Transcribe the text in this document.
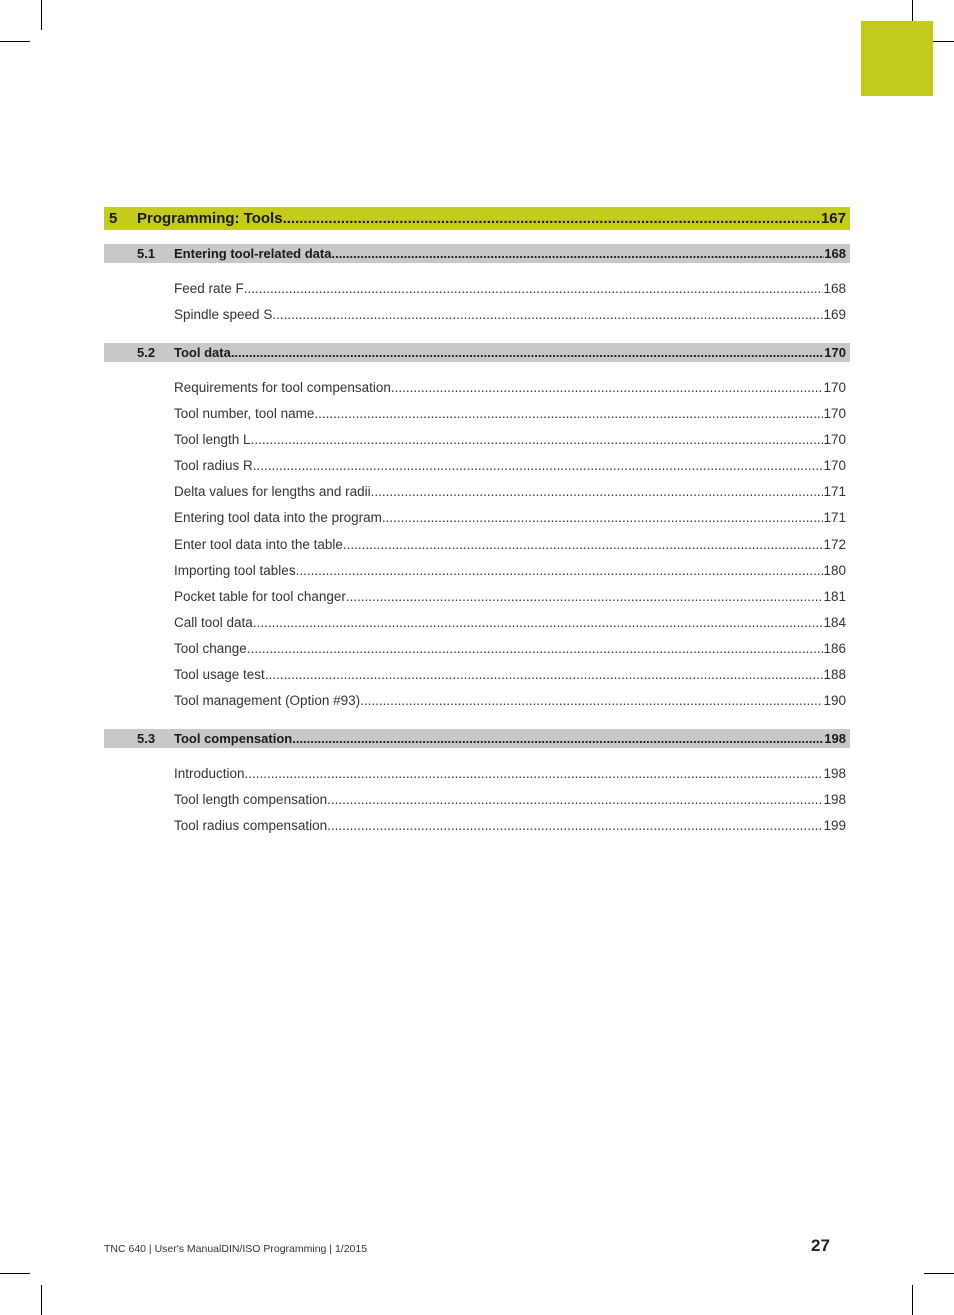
5	Programming: Tools .....	167
5.1	Entering tool-related data .....	168
Feed rate F .....	168
Spindle speed S .....	169
5.2	Tool data .....	170
Requirements for tool compensation .....	170
Tool number, tool name .....	170
Tool length L .....	170
Tool radius R .....	170
Delta values for lengths and radii .....	171
Entering tool data into the program .....	171
Enter tool data into the table .....	172
Importing tool tables .....	180
Pocket table for tool changer .....	181
Call tool data .....	184
Tool change .....	186
Tool usage test .....	188
Tool management (Option #93) .....	190
5.3	Tool compensation .....	198
Introduction .....	198
Tool length compensation .....	198
Tool radius compensation .....	199
TNC 640 | User's ManualDIN/ISO Programming | 1/2015	27
